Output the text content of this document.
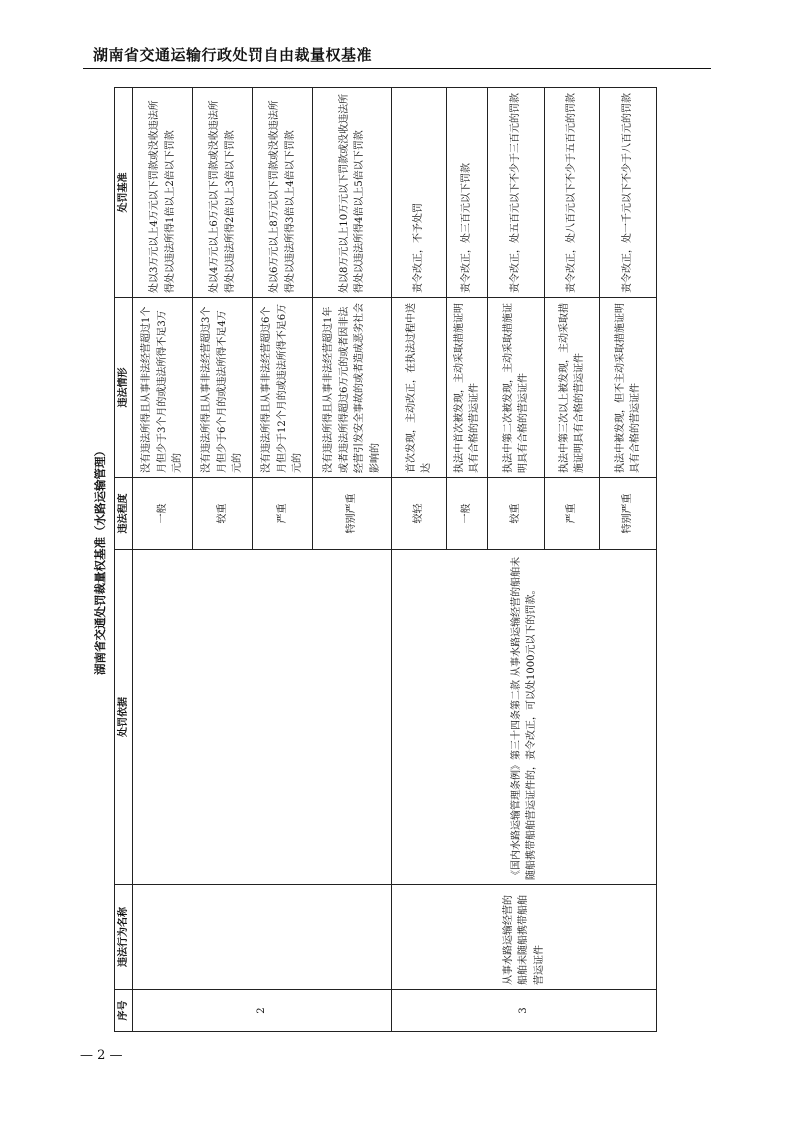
湖南省交通运输行政处罚自由裁量权基准
湖南省交通处罚裁量权基准（水路运输管理）
序号	违法行为名称	处罚依据	违法程度	违法情形	处罚基准
2			一般	没有违法所得且从事非法经营超过1个月但少于3个月的或违法所得不足3万元的	处以3万元以上4万元以下罚款或没收违法所得处以违法所得1倍以上2倍以下罚款
			较重	没有违法所得且从事非法经营超过3个月但少于6个月的或违法所得不足4万元的	处以4万元以上6万元以下罚款或没收违法所得处以违法所得2倍以上3倍以下罚款
			严重	没有违法所得且从事非法经营超过6个月但少于12个月的或违法所得不足6万元的	处以6万元以上8万元以下罚款或没收违法所得处以违法所得3倍以上4倍以下罚款
			特别严重	没有违法所得且从事非法经营超过1年或者违法所得超过6万元的或者因非法经营引发安全事故的或者造成恶劣社会影响的	处以8万元以上10万元以下罚款或没收违法所得处以违法所得4倍以上5倍以下罚款
3	从事水路运输经营的船舶未随船携带船舶营运证件	《国内水路运输管理条例》第三十四条第二款 从事水路运输经营的船舶未随船携带船舶营运证件的，责令改正，可以处1000元以下的罚款。	较轻	首次发现，主动改正，在执法过程中送达	责令改正，不予处罚
			一般	执法中首次被发现，主动采取措施证明具有合格的营运证件	责令改正，处三百元以下罚款
			较重	执法中第二次被发现，主动采取措施证明具有合格的营运证件	责令改正，处五百元以下不少于三百元的罚款
			严重	执法中第三次以上被发现，主动采取措施证明具有合格的营运证件	责令改正，处八百元以下不少于五百元的罚款
			特别严重	执法中被发现，但不主动采取措施证明具有合格的营运证件	责令改正，处一千元以下不少于八百元的罚款
— 2 —
